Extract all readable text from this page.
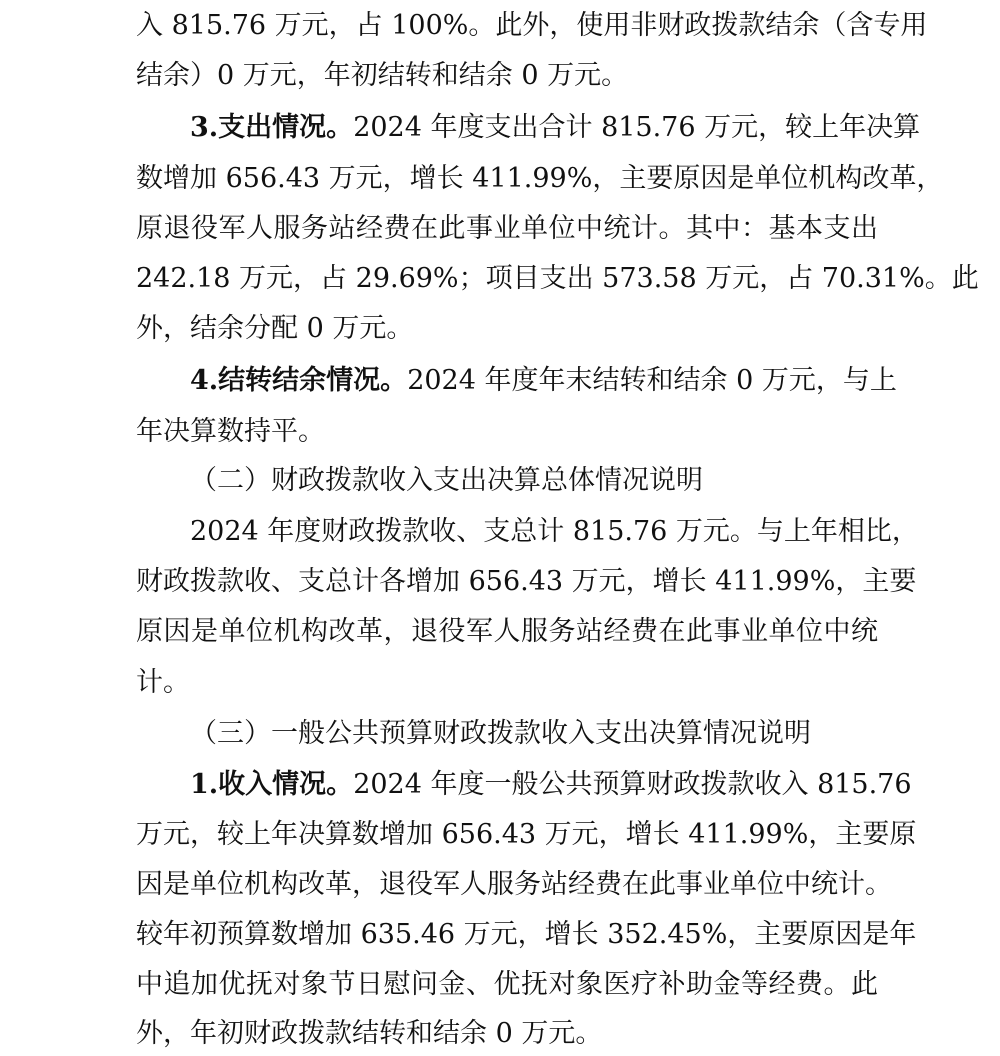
入 815.76 万元，占 100%。此外，使用非财政拨款结余（含专用
结余）0 万元，年初结转和结余 0 万元。
3.支出情况。2024 年度支出合计 815.76 万元，较上年决算
数增加 656.43 万元，增长 411.99%，主要原因是单位机构改革，
原退役军人服务站经费在此事业单位中统计。其中：基本支出
242.18 万元，占 29.69%；项目支出 573.58 万元，占 70.31%。此
外，结余分配 0 万元。
4.结转结余情况。2024 年度年末结转和结余 0 万元，与上
年决算数持平。
（二）财政拨款收入支出决算总体情况说明
2024 年度财政拨款收、支总计 815.76 万元。与上年相比，
财政拨款收、支总计各增加 656.43 万元，增长 411.99%，主要
原因是单位机构改革，退役军人服务站经费在此事业单位中统
计。
（三）一般公共预算财政拨款收入支出决算情况说明
1.收入情况。2024 年度一般公共预算财政拨款收入 815.76
万元，较上年决算数增加 656.43 万元，增长 411.99%，主要原
因是单位机构改革，退役军人服务站经费在此事业单位中统计。
较年初预算数增加 635.46 万元，增长 352.45%，主要原因是年
中追加优抚对象节日慰问金、优抚对象医疗补助金等经费。此
外，年初财政拨款结转和结余 0 万元。
